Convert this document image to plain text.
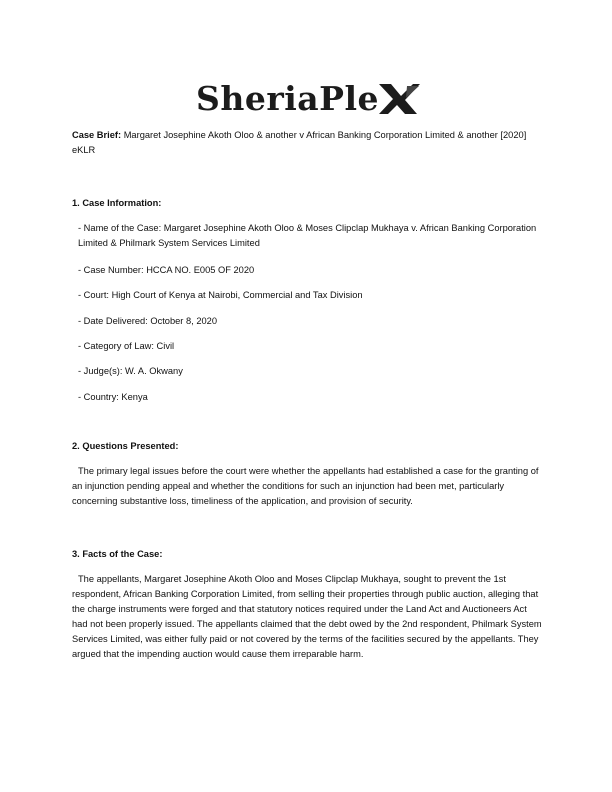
SheriaPle
Case Brief: Margaret Josephine Akoth Oloo & another v African Banking Corporation Limited & another [2020] eKLR
1. Case Information:
- Name of the Case: Margaret Josephine Akoth Oloo & Moses Clipclap Mukhaya v. African Banking Corporation Limited & Philmark System Services Limited
- Case Number: HCCA NO. E005 OF 2020
- Court: High Court of Kenya at Nairobi, Commercial and Tax Division
- Date Delivered: October 8, 2020
- Category of Law: Civil
- Judge(s): W. A. Okwany
- Country: Kenya
2. Questions Presented:
The primary legal issues before the court were whether the appellants had established a case for the granting of an injunction pending appeal and whether the conditions for such an injunction had been met, particularly concerning substantive loss, timeliness of the application, and provision of security.
3. Facts of the Case:
The appellants, Margaret Josephine Akoth Oloo and Moses Clipclap Mukhaya, sought to prevent the 1st respondent, African Banking Corporation Limited, from selling their properties through public auction, alleging that the charge instruments were forged and that statutory notices required under the Land Act and Auctioneers Act had not been properly issued. The appellants claimed that the debt owed by the 2nd respondent, Philmark System Services Limited, was either fully paid or not covered by the terms of the facilities secured by the appellants. They argued that the impending auction would cause them irreparable harm.
